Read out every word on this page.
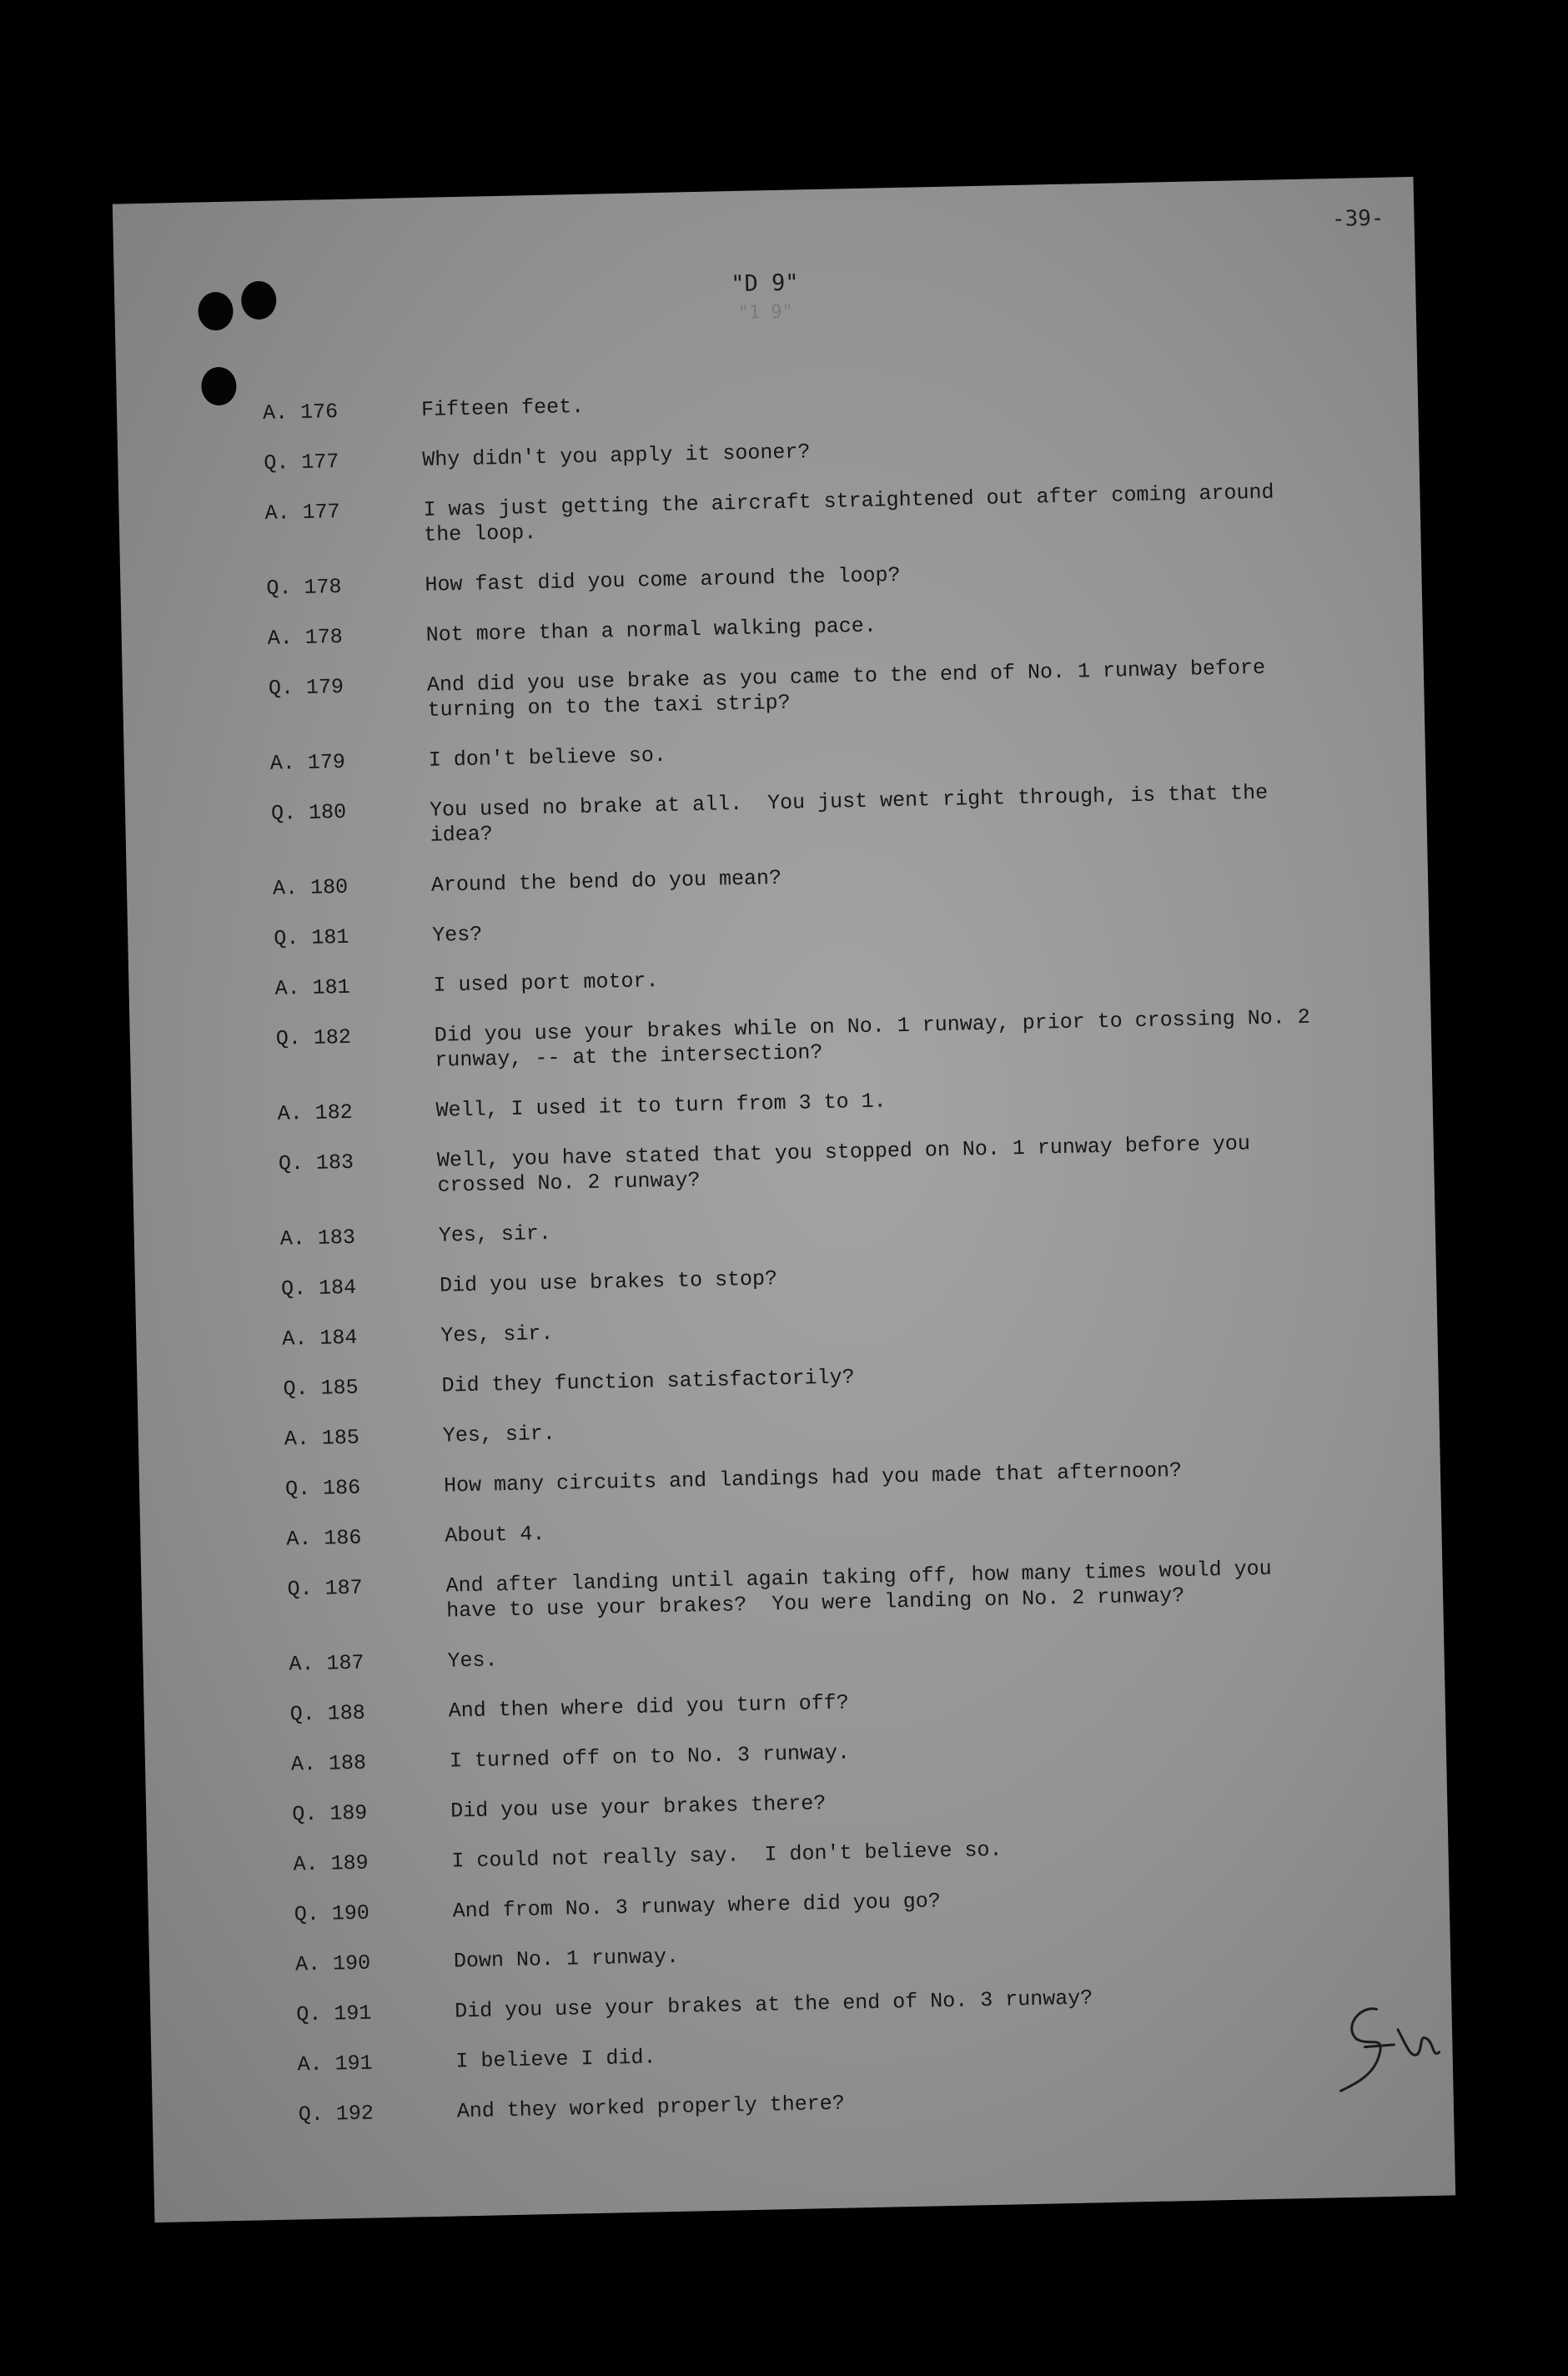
-39-
"D 9"
"1 9"
A. 176	Fifteen feet.
Q. 177	Why didn't you apply it sooner?
A. 177	I was just getting the aircraft straightened out after coming around
the loop.
Q. 178	How fast did you come around the loop?
A. 178	Not more than a normal walking pace.
Q. 179	And did you use brake as you came to the end of No. 1 runway before
turning on to the taxi strip?
A. 179	I don't believe so.
Q. 180	You used no brake at all.  You just went right through, is that the
idea?
A. 180	Around the bend do you mean?
Q. 181	Yes?
A. 181	I used port motor.
Q. 182	Did you use your brakes while on No. 1 runway, prior to crossing No. 2
runway, -- at the intersection?
A. 182	Well, I used it to turn from 3 to 1.
Q. 183	Well, you have stated that you stopped on No. 1 runway before you
crossed No. 2 runway?
A. 183	Yes, sir.
Q. 184	Did you use brakes to stop?
A. 184	Yes, sir.
Q. 185	Did they function satisfactorily?
A. 185	Yes, sir.
Q. 186	How many circuits and landings had you made that afternoon?
A. 186	About 4.
Q. 187	And after landing until again taking off, how many times would you
have to use your brakes?  You were landing on No. 2 runway?
A. 187	Yes.
Q. 188	And then where did you turn off?
A. 188	I turned off on to No. 3 runway.
Q. 189	Did you use your brakes there?
A. 189	I could not really say.  I don't believe so.
Q. 190	And from No. 3 runway where did you go?
A. 190	Down No. 1 runway.
Q. 191	Did you use your brakes at the end of No. 3 runway?
A. 191	I believe I did.
Q. 192	And they worked properly there?
